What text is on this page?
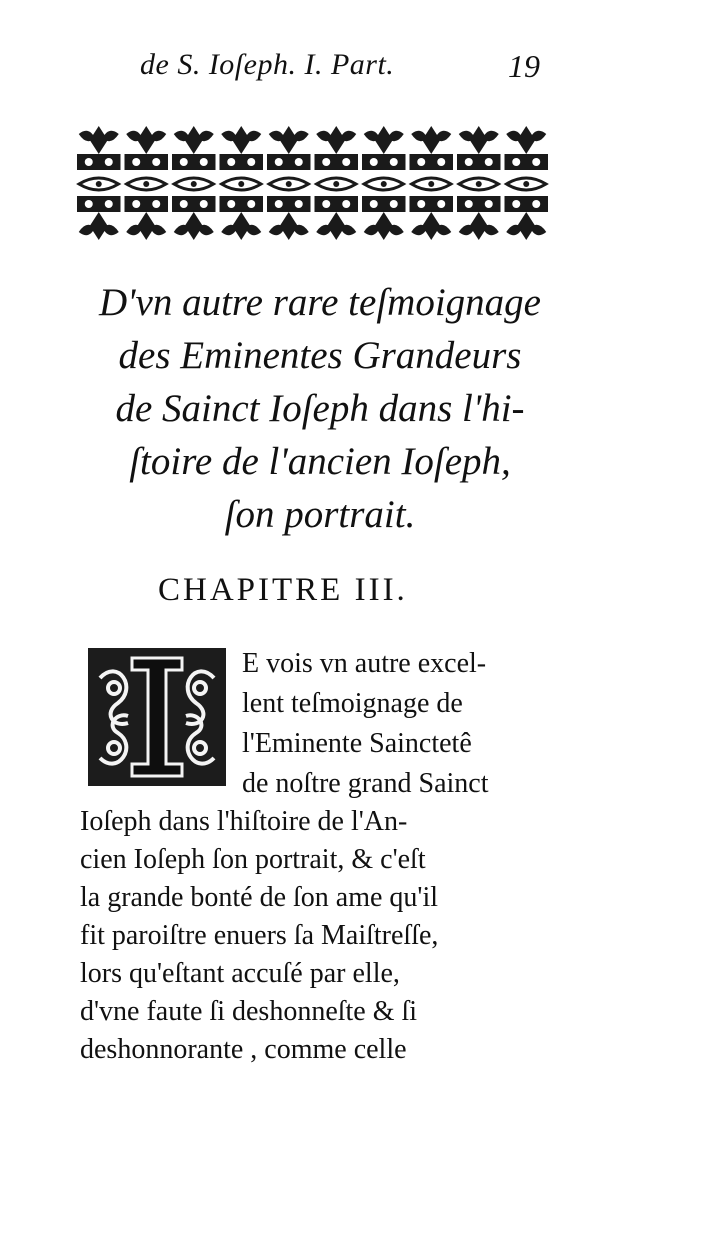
de S. Ioſeph. I. Part.	19
D'vn autre rare teſmoignage
des Eminentes Grandeurs
de Sainct Ioſeph dans l'hi-
ſtoire de l'ancien Ioſeph,
ſon portrait.
CHAPITRE III.
E vois vn autre excel-
lent teſmoignage de
l'Eminente Sainctetê
de noſtre grand Sainct
Ioſeph dans l'hiſtoire de l'An-
cien Ioſeph ſon portrait, & c'eſt
la grande bonté de ſon ame qu'il
fit paroiſtre enuers ſa Maiſtreſſe,
lors qu'eſtant accuſé par elle,
d'vne faute ſi deshonneſte & ſi
deshonnorante , comme celle
